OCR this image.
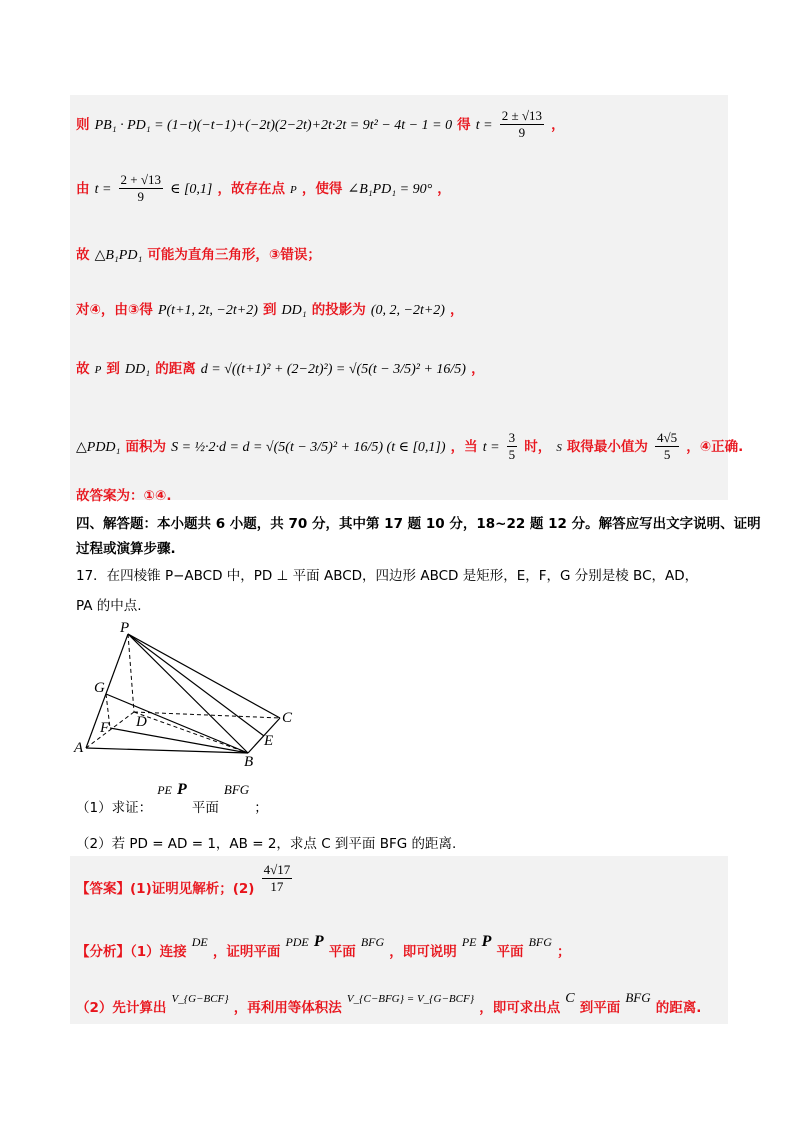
则 PB₁ · PD₁ = (1−t)(−t−1)+(−2t)(2−2t)+2t·2t = 9t² − 4t − 1 = 0 得 $t = \frac{2 \pm √13}{9}$ ，
由 $t = \frac{2 + √13}{9}$ ∈ [0,1] ，故存在点 P ，使得 ∠B₁PD₁ = 90° ，
故 △B₁PD₁ 可能为直角三角形，③错误；
对④，由③得 P(t+1, 2t, −2t+2) 到 DD₁ 的投影为 (0, 2, −2t+2) ，
故 P 到 DD₁ 的距离 d = √((t+1)² + (2−2t)²) = √(5(t − 3/5)² + 16/5) ，
△PDD₁ 面积为 S = ½·2·d = d = √(5(t − 3/5)² + 16/5) (t ∈ [0,1]) ，当 $t = \frac{3}{5}$ 时， S 取得最小值为 $\frac{4√5}{5}$ ，④正确.
故答案为：①④.
四、解答题：本小题共 6 小题，共 70 分，其中第 17 题 10 分，18~22 题 12 分。解答应写出文字说明、证明
过程或演算步骤.
17．在四棱锥 P−ABCD 中，PD ⊥ 平面 ABCD，四边形 ABCD 是矩形，E，F，G 分别是棱 BC，AD，
PA 的中点.
P
G
F D	C
E
A
B
$_{(1)求证:}$ PE P $_{平面}$ BFG $_;$
（2）若 PD = AD = 1，AB = 2，求点 C 到平面 BFG 的距离.
$_{【答案】(1)证明见解析;(2)} \frac{4√17}{17}$
$_{【分析】(1)连接}$ DE $_{,证明平面}$ PDE P $_{平面}$ BFG $_{,即可说明}$ PE P $_{平面}$ BFG $_;$
$_{(2)先计算出}$ V_{G−BCF} $_{,再利用等体积法}$ V_{C−BFG} = V_{G−BCF} $_{,即可求出点}$ C $_{到平面}$ BFG $_{的距离.}$
